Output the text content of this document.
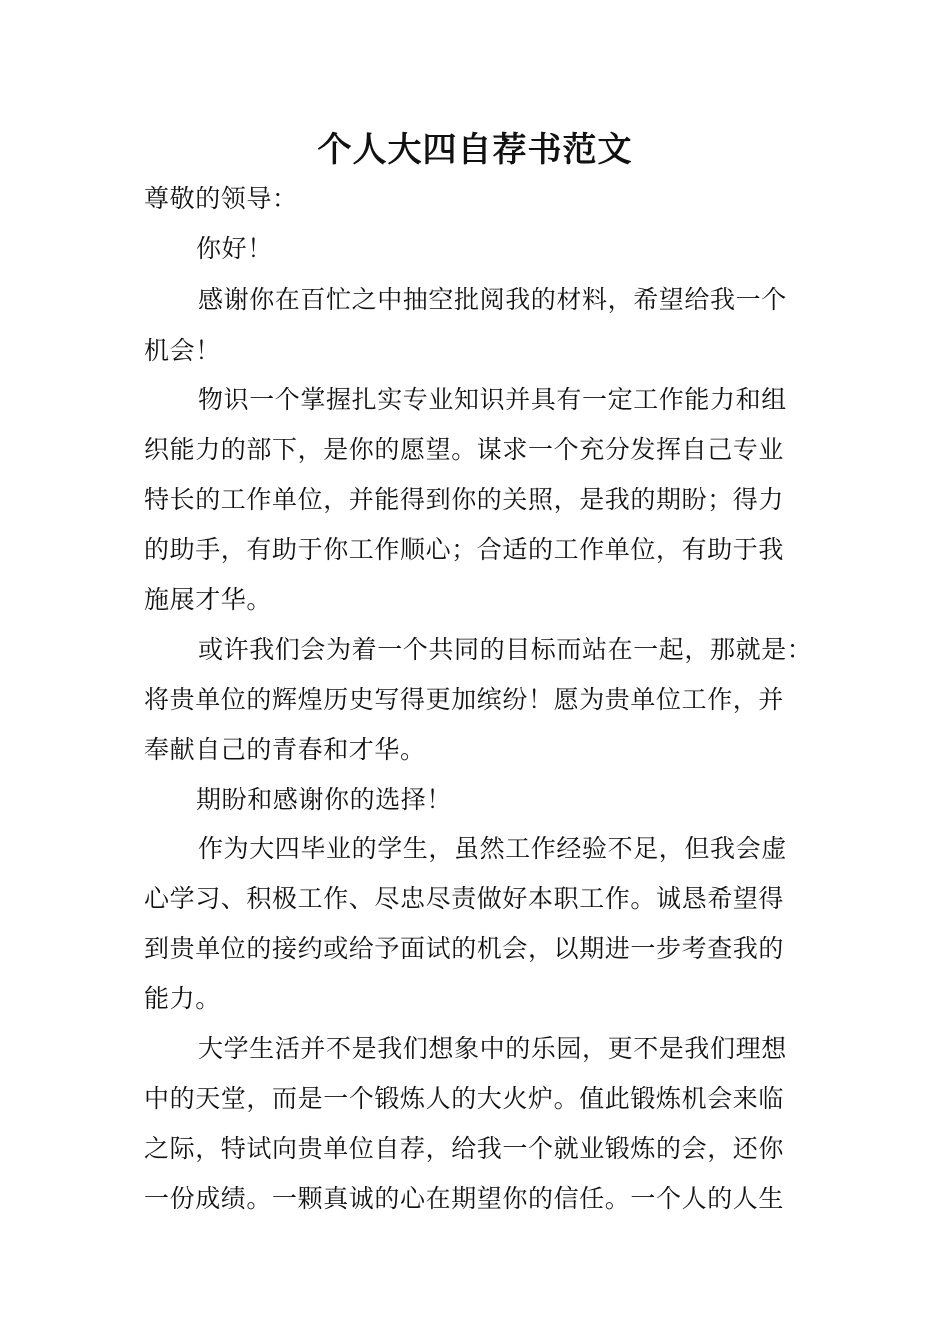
个人大四自荐书范文

尊敬的领导：

你好！

感谢你在百忙之中抽空批阅我的材料，希望给我一个

机会！

物识一个掌握扎实专业知识并具有一定工作能力和组

织能力的部下，是你的愿望。谋求一个充分发挥自己专业

特长的工作单位，并能得到你的关照，是我的期盼；得力

的助手，有助于你工作顺心；合适的工作单位，有助于我

施展才华。

或许我们会为着一个共同的目标而站在一起，那就是：

将贵单位的辉煌历史写得更加缤纷！愿为贵单位工作，并

奉献自己的青春和才华。

期盼和感谢你的选择！

作为大四毕业的学生，虽然工作经验不足，但我会虚

心学习、积极工作、尽忠尽责做好本职工作。诚恳希望得

到贵单位的接约或给予面试的机会，以期进一步考查我的

能力。

大学生活并不是我们想象中的乐园，更不是我们理想

中的天堂，而是一个锻炼人的大火炉。值此锻炼机会来临

之际，特试向贵单位自荐，给我一个就业锻炼的会，还你

一份成绩。一颗真诚的心在期望你的信任。一个人的人生
